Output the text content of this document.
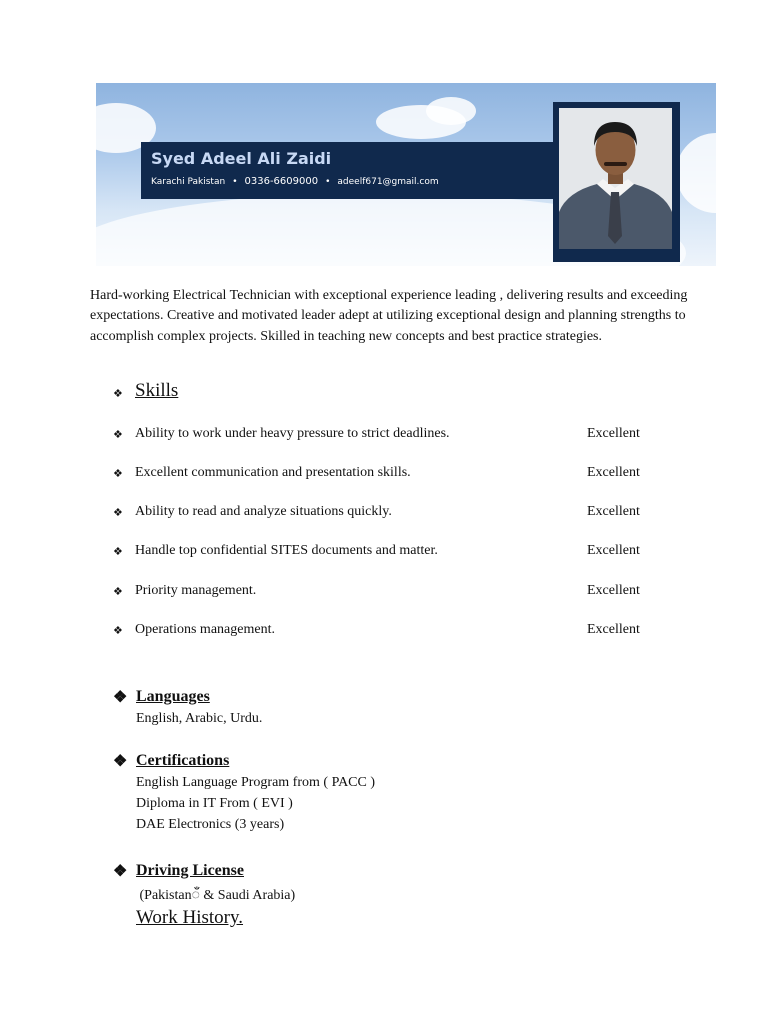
Syed Adeel Ali Zaidi
Karachi Pakistan • 0336-6609000 • adeelf671@gmail.com
Hard-working Electrical Technician with exceptional experience leading , delivering results and exceeding expectations. Creative and motivated leader adept at utilizing exceptional design and planning strengths to accomplish complex projects. Skilled in teaching new concepts and best practice strategies.
❖ Skills
❖ Ability to work under heavy pressure to strict deadlines.	Excellent
❖ Excellent communication and presentation skills.	Excellent
❖ Ability to read and analyze situations quickly.	Excellent
❖ Handle top confidential SITES documents and matter.	Excellent
❖ Priority management.	Excellent
❖ Operations management.	Excellent
❖ Languages
English, Arabic, Urdu.
❖ Certifications
English Language Program from ( PACC )
Diploma in IT From ( EVI )
DAE Electronics (3 years)
❖ Driving License
(Pakistanँ & Saudi Arabia)
Work History.
